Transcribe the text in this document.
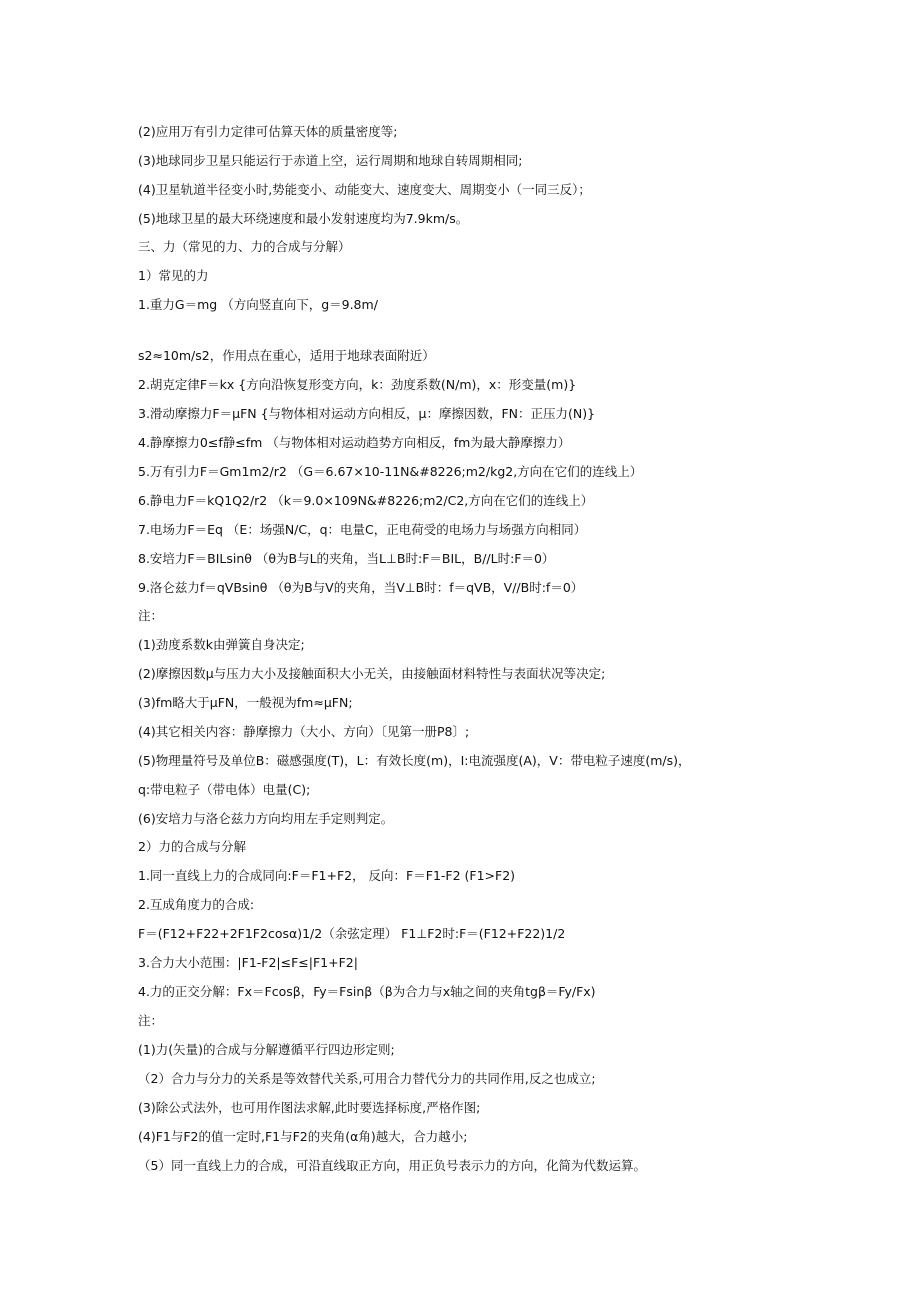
(2)应用万有引力定律可估算天体的质量密度等;
(3)地球同步卫星只能运行于赤道上空，运行周期和地球自转周期相同;
(4)卫星轨道半径变小时,势能变小、动能变大、速度变大、周期变小（一同三反）；
(5)地球卫星的最大环绕速度和最小发射速度均为7.9km/s。
三、力（常见的力、力的合成与分解）
1）常见的力
1.重力G＝mg （方向竖直向下，g＝9.8m/
s2≈10m/s2，作用点在重心，适用于地球表面附近）
2.胡克定律F＝kx {方向沿恢复形变方向，k：劲度系数(N/m)，x：形变量(m)}
3.滑动摩擦力F＝μFN {与物体相对运动方向相反，μ：摩擦因数，FN：正压力(N)}
4.静摩擦力0≤f静≤fm （与物体相对运动趋势方向相反，fm为最大静摩擦力）
5.万有引力F＝Gm1m2/r2 （G＝6.67×10-11N&#8226;m2/kg2,方向在它们的连线上）
6.静电力F＝kQ1Q2/r2 （k＝9.0×109N&#8226;m2/C2,方向在它们的连线上）
7.电场力F＝Eq （E：场强N/C，q：电量C，正电荷受的电场力与场强方向相同）
8.安培力F＝BILsinθ （θ为B与L的夹角，当L⊥B时:F＝BIL，B//L时:F＝0）
9.洛仑兹力f＝qVBsinθ （θ为B与V的夹角，当V⊥B时：f＝qVB，V//B时:f＝0）
注：
(1)劲度系数k由弹簧自身决定;
(2)摩擦因数μ与压力大小及接触面积大小无关，由接触面材料特性与表面状况等决定;
(3)fm略大于μFN，一般视为fm≈μFN;
(4)其它相关内容：静摩擦力（大小、方向）〔见第一册P8〕;
(5)物理量符号及单位B：磁感强度(T)，L：有效长度(m)，I:电流强度(A)，V：带电粒子速度(m/s)，
q:带电粒子（带电体）电量(C);
(6)安培力与洛仑兹力方向均用左手定则判定。
2）力的合成与分解
1.同一直线上力的合成同向:F＝F1+F2， 反向：F＝F1-F2 (F1>F2)
2.互成角度力的合成:
F＝(F12+F22+2F1F2cosα)1/2（余弦定理） F1⊥F2时:F＝(F12+F22)1/2
3.合力大小范围：|F1-F2|≤F≤|F1+F2|
4.力的正交分解：Fx＝Fcosβ，Fy＝Fsinβ（β为合力与x轴之间的夹角tgβ＝Fy/Fx)
注：
(1)力(矢量)的合成与分解遵循平行四边形定则;
（2）合力与分力的关系是等效替代关系,可用合力替代分力的共同作用,反之也成立;
(3)除公式法外，也可用作图法求解,此时要选择标度,严格作图;
(4)F1与F2的值一定时,F1与F2的夹角(α角)越大，合力越小;
（5）同一直线上力的合成，可沿直线取正方向，用正负号表示力的方向，化简为代数运算。
